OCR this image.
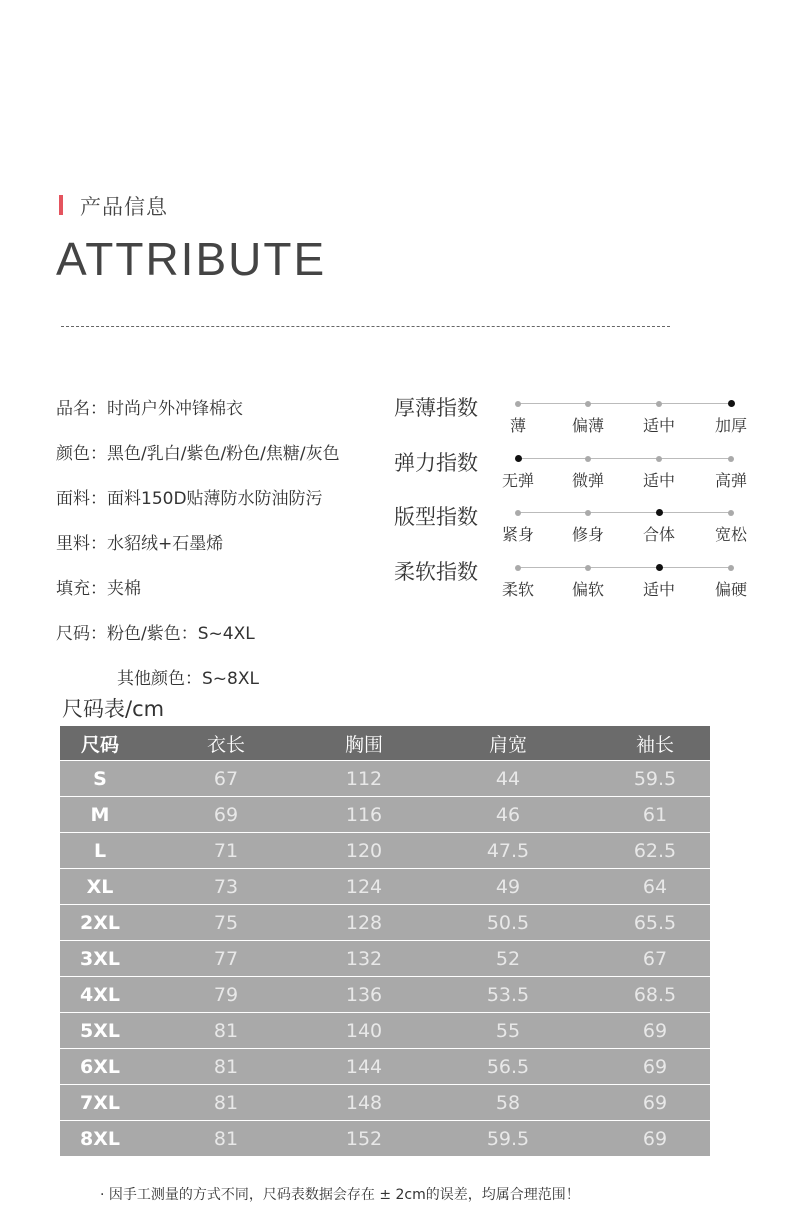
产品信息
ATTRIBUTE
品名：时尚户外冲锋棉衣
颜色：黑色/乳白/紫色/粉色/焦糖/灰色
面料：面料150D贴薄防水防油防污
里料：水貂绒+石墨烯
填充：夹棉
尺码：粉色/紫色：S~4XL
其他颜色：S~8XL
厚薄指数
薄	偏薄 适中 加厚
弹力指数
无弹 微弹 适中 高弹
版型指数
紧身 修身 合体 宽松
柔软指数
柔软 偏软 适中 偏硬
尺码表/cm
尺码	衣长	胸围	肩宽	袖长
S	67	112	44	59.5
M	69	116	46	61
L	71	120	47.5	62.5
XL	73	124	49	64
2XL	75	128	50.5	65.5
3XL	77	132	52	67
4XL	79	136	53.5	68.5
5XL	81	140	55	69
6XL	81	144	56.5	69
7XL	81	148	58	69
8XL	81	152	59.5	69
· 因手工测量的方式不同，尺码表数据会存在 ± 2cm的误差，均属合理范围！
